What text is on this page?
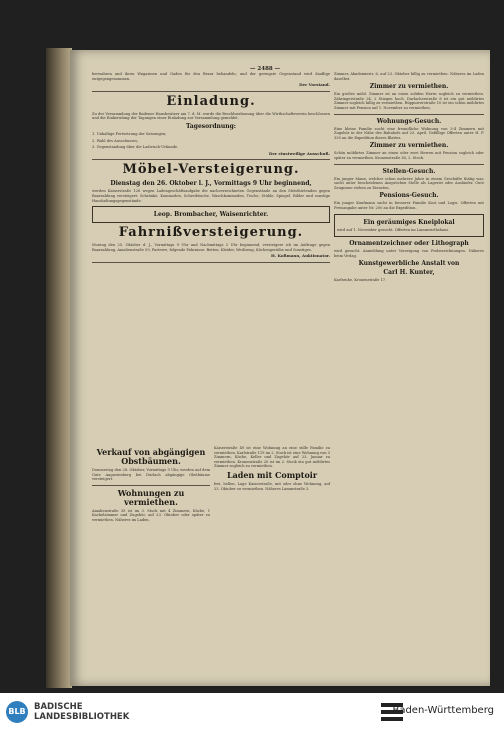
— 2488 —

berwahren und ihren Wagazinen und Gaden für den Bezar behandeln; und der geringste Gegenstand wird dauflige entgegengenommen.

Der Vorstand.
Einladung.

Zu der Versammlung der Badener Hausbesitzer am 7. d. M. wurde die Beschlussfassung über die Wirthschaftsverein beschlossen und die Einberufung der Tagungen einer Einladung zur Versammlung gemeldet.

Tagesordnung:

1. Unhaltige Fertsetzung der Satzungen;

2. Wahl des Ausschusses;

3. Gegenstandung über die Ladwisch-Urkunde.

Der einstweilige Ausschuß.
Möbel-Versteigerung.
Dienstag den 26. Oktober l. J., Vormittags 9 Uhr beginnend,

werden Kaiserstraße 126 wegen Ladengeschäftsaufgabe die nachverzeichneten Gegenstände an den Meistbietenden gegen Baarzahlung versteigert: Schränke, Kommoden, Schreibtische, Waschkommoden, Tische, Stühle, Spiegel, Bilder und sonstige Haushaltungsgegenstände.

Leop. Brombacher, Waisenrichter.
Fahrnißversteigerung.

Montag den 25. Oktober d. J., Vormittags 9 Uhr und Nachmittags 2 Uhr beginnend, versteigere ich im Auftrage gegen Baarzahlung, Amalienstraße 59, Parterre, folgende Fahrnisse: Betten, Kleider, Weißzeug, Küchengeräthe und Sonstiges.

H. Koßmann, Auktionator.
Verkauf von abgängigen Obstbäumen.

Donnerstag den 28. Oktober, Vormittags 9 Uhr, werden auf dem Gute Augustenberg bei Durlach abgängige Obstbäume versteigert.

Wohnungen zu vermiethen.

Amalienstraße 35 ist im 3. Stock mit 4 Zimmern, Küche, 1 Kachelzimmer und Zugehör, auf 23. Oktober oder später zu vermiethen. Näheres im Laden.

Kaiserstraße 49 ist eine Wohnung an eine stille Familie zu vermiethen. Karlstraße 119 im 2. Stock ist eine Wohnung von 3 Zimmern, Küche, Keller und Zugehör auf 23. Januar zu vermiethen. Kronenstraße 20 ist im 2. Stock ein gut möblirtes Zimmer sogleich zu vermiethen.

Laden mit Comptoir

frei, hellen, Lage Kaiserstraße, mit oder ohne Wohnung, auf 23. Oktober zu vermiethen. Näheres Lammstraße 3.

Zimmer, Akademiestr. 6, auf 23. Oktober billig zu vermiethen. Näheres im Laden daselbst.

Zimmer zu vermiethen.

Ein großes möbl. Zimmer ist an einen soliden Herrn sogleich zu vermiethen. Zähringerstraße 24, 2 Stiegen hoch. Durlacherstraße 8 ist ein gut möblirtes Zimmer sogleich billig zu vermiethen. Rüppurrerstraße 10 ist ein schön möblirtes Zimmer mit Pension auf 1. November zu vermiethen.

Wohnungs-Gesuch.

Eine kleine Familie sucht eine freundliche Wohnung von 3-4 Zimmern mit Zugehör in der Nähe des Bahnhofs auf 23. April. Gefällige Offerten unter H. P. 330 an die Expedition dieses Blattes.

Zimmer zu vermiethen.

Schön möblirtes Zimmer an einen oder zwei Herren mit Pension sogleich oder später zu vermiethen. Kronenstraße 36, 2. Stock.

Stellen-Gesuch.

Ein junger Mann, welcher schon mehrere Jahre in einem Geschäfte thätig war, sucht unter bescheidenen Ansprüchen Stelle als Lagerist oder Ausläufer. Gute Zeugnisse stehen zu Diensten.

Pensions-Gesuch.

Ein junger Kaufmann sucht in besserer Familie Kost und Logis. Offerten mit Preisangabe unter Nr. 200 an die Expedition.

Ein geräumiges Kneiplokal

wird auf 1. November gesucht. Offerten im Lammwirthshaus.

Ornamentzeichner oder Lithograph

wird gesucht. Anmeldung unter Vorzeigung von Probezeichnungen. Näheres beim Verlag.

Kunstgewerbliche Anstalt von
Carl H. Kunter,

Karlsruhe, Kronenstraße 17.

BLB BADISCHE
LANDESBIBLIOTHEK
Baden-Württemberg
